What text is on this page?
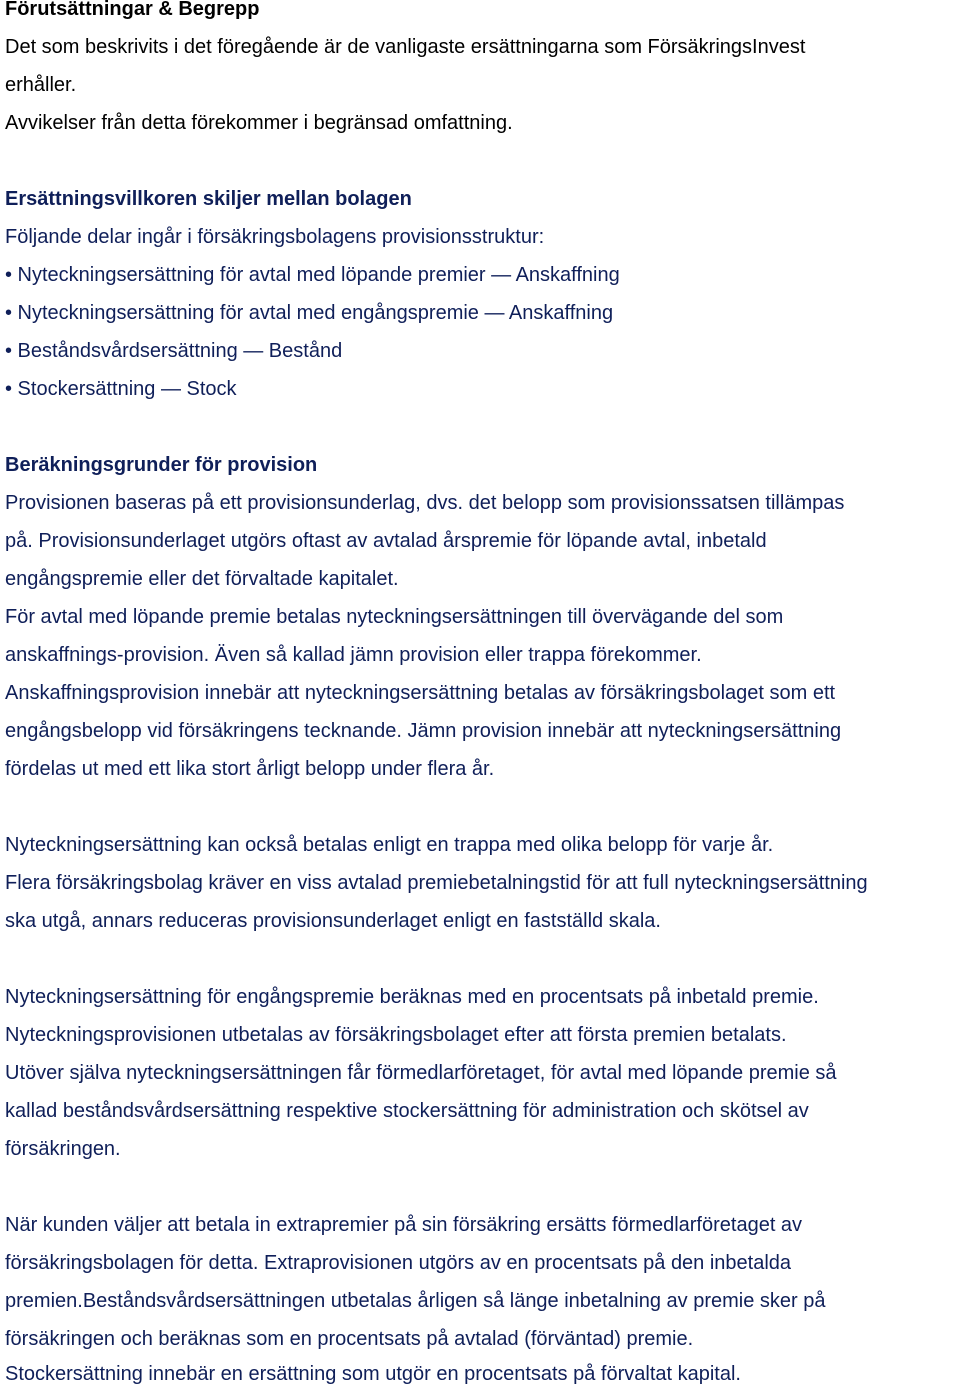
Förutsättningar & Begrepp

Det som beskrivits i det föregående är de vanligaste ersättningarna som FörsäkringsInvest

erhåller.

Avvikelser från detta förekommer i begränsad omfattning.

Ersättningsvillkoren skiljer mellan bolagen

Följande delar ingår i försäkringsbolagens provisionsstruktur:

• Nyteckningsersättning för avtal med löpande premier — Anskaffning

• Nyteckningsersättning för avtal med engångspremie — Anskaffning

• Beståndsvårdsersättning — Bestånd

• Stockersättning — Stock

Beräkningsgrunder för provision

Provisionen baseras på ett provisionsunderlag, dvs. det belopp som provisionssatsen tillämpas

på. Provisionsunderlaget utgörs oftast av avtalad årspremie för löpande avtal, inbetald

engångspremie eller det förvaltade kapitalet.

För avtal med löpande premie betalas nyteckningsersättningen till övervägande del som

anskaffnings-provision. Även så kallad jämn provision eller trappa förekommer.

Anskaffningsprovision innebär att nyteckningsersättning betalas av försäkringsbolaget som ett

engångsbelopp vid försäkringens tecknande. Jämn provision innebär att nyteckningsersättning

fördelas ut med ett lika stort årligt belopp under flera år.

Nyteckningsersättning kan också betalas enligt en trappa med olika belopp för varje år.

Flera försäkringsbolag kräver en viss avtalad premiebetalningstid för att full nyteckningsersättning

ska utgå, annars reduceras provisionsunderlaget enligt en fastställd skala.

Nyteckningsersättning för engångspremie beräknas med en procentsats på inbetald premie.

Nyteckningsprovisionen utbetalas av försäkringsbolaget efter att första premien betalats.

Utöver själva nyteckningsersättningen får förmedlarföretaget, för avtal med löpande premie så

kallad beståndsvårdsersättning respektive stockersättning för administration och skötsel av

försäkringen.

När kunden väljer att betala in extrapremier på sin försäkring ersätts förmedlarföretaget av

försäkringsbolagen för detta. Extraprovisionen utgörs av en procentsats på den inbetalda

premien.Beståndsvårdsersättningen utbetalas årligen så länge inbetalning av premie sker på

försäkringen och beräknas som en procentsats på avtalad (förväntad) premie.

Stockersättning innebär en ersättning som utgör en procentsats på förvaltat kapital.
